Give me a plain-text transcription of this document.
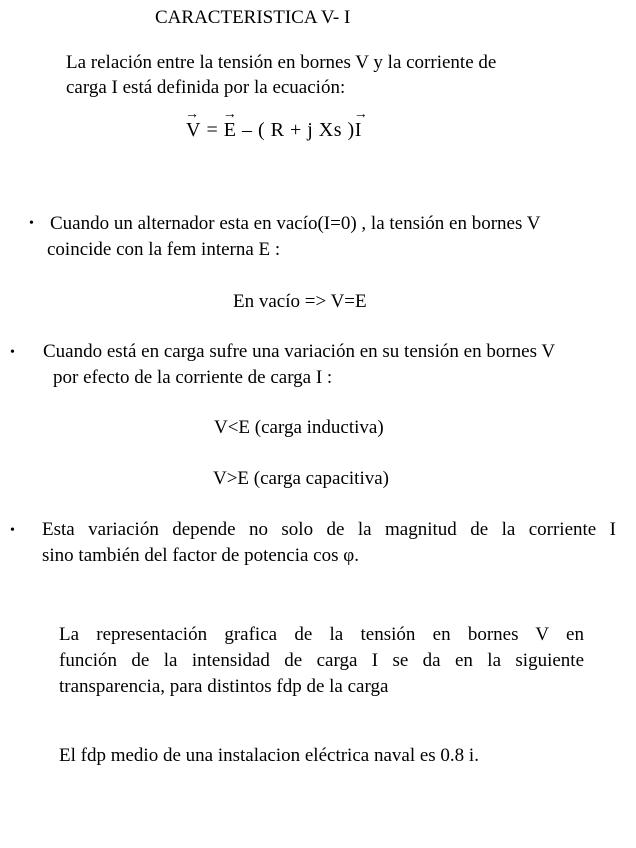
CARACTERISTICA V- I
La relación entre la tensión en bornes V y la corriente de
carga I está definida por la ecuación:
→
V =
→
E – ( R + j Xs )
→
I
• Cuando un alternador esta en vacío(I=0) , la tensión en bornes V
coincide con la fem interna E :
En vacío => V=E
• Cuando está en carga sufre una variación en su tensión en bornes V
por efecto de la corriente de carga I :
V<E (carga inductiva)
V>E (carga capacitiva)
• Esta variación depende no solo de la magnitud de la corriente I
sino también del factor de potencia cos φ.
La representación grafica de la tensión en bornes V en
función de la intensidad de carga I se da en la siguiente
transparencia, para distintos fdp de la carga
El fdp medio de una instalacion eléctrica naval es 0.8 i.
